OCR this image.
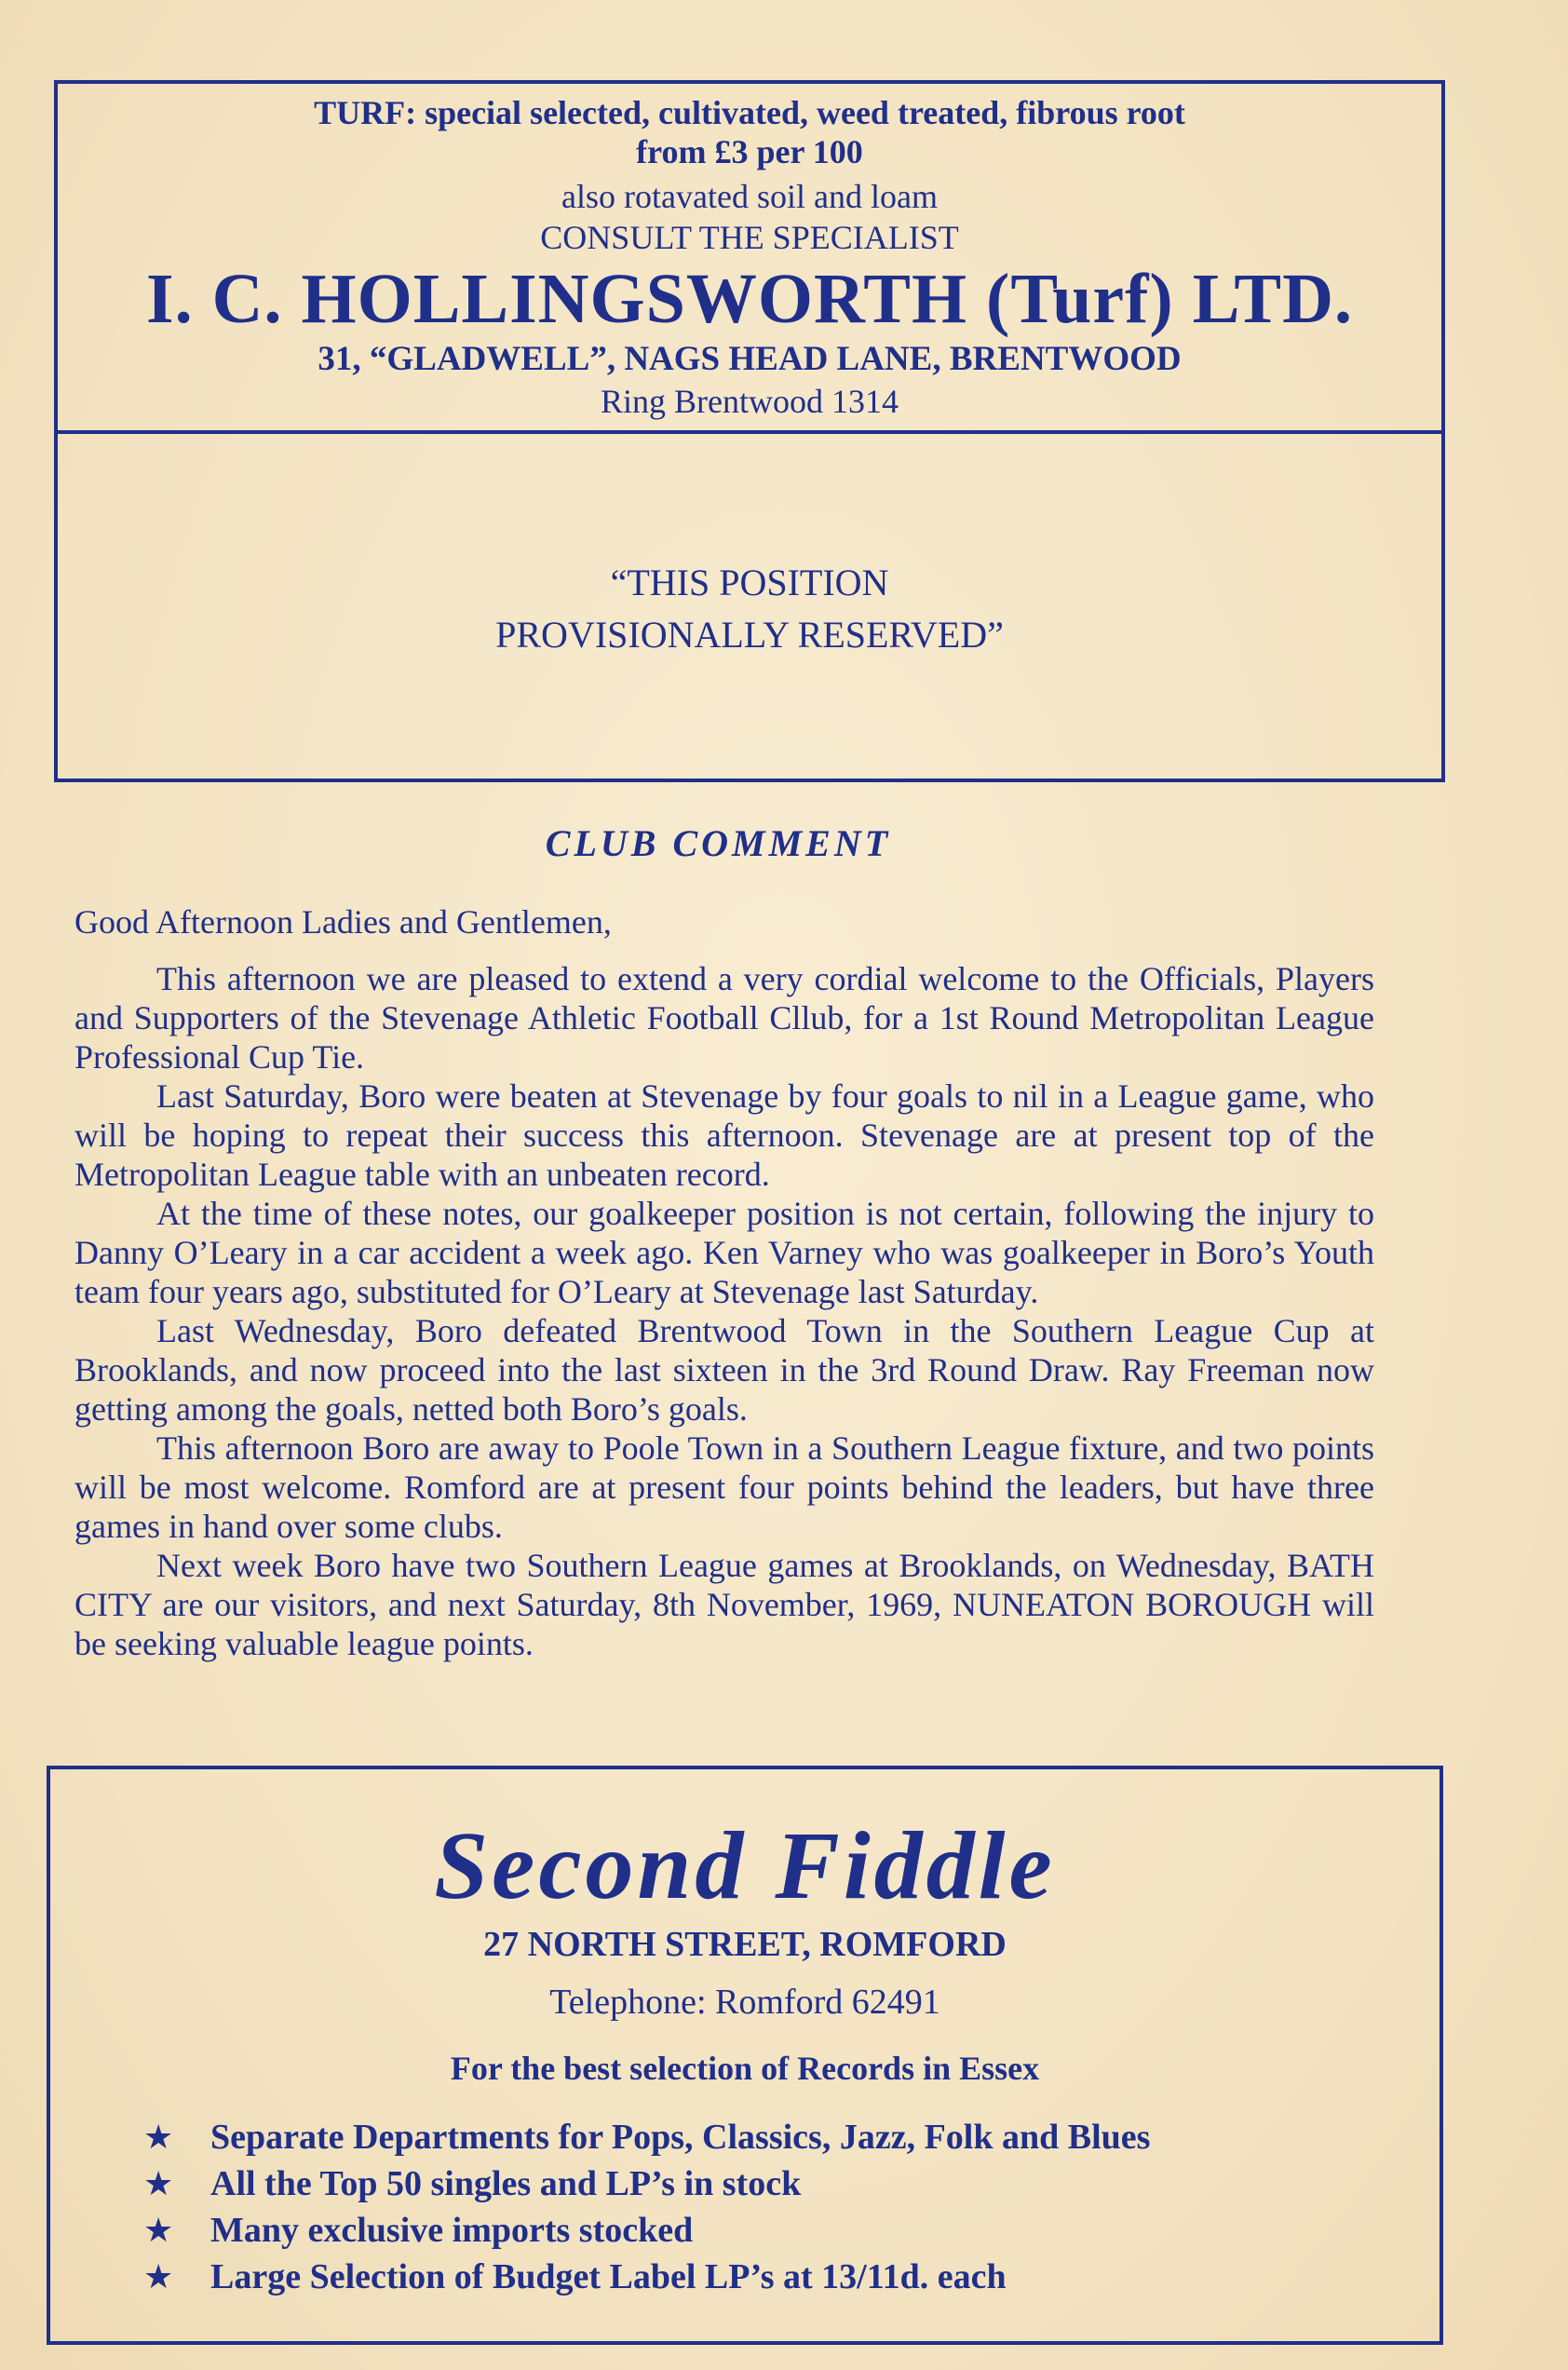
TURF: special selected, cultivated, weed treated, fibrous root
from £3 per 100
also rotavated soil and loam
CONSULT THE SPECIALIST
I. C. HOLLINGSWORTH (Turf) LTD.
31, “GLADWELL”, NAGS HEAD LANE, BRENTWOOD
Ring Brentwood 1314
“THIS POSITION
PROVISIONALLY RESERVED”
CLUB COMMENT
Good Afternoon Ladies and Gentlemen,

This afternoon we are pleased to extend a very cordial welcome to the Officials, Players and Supporters of the Stevenage Athletic Football Cllub, for a 1st Round Metropolitan League Professional Cup Tie.

Last Saturday, Boro were beaten at Stevenage by four goals to nil in a League game, who will be hoping to repeat their success this afternoon. Stevenage are at present top of the Metropolitan League table with an unbeaten record.

At the time of these notes, our goalkeeper position is not certain, following the injury to Danny O’Leary in a car accident a week ago. Ken Varney who was goalkeeper in Boro’s Youth team four years ago, substituted for O’Leary at Stevenage last Saturday.

Last Wednesday, Boro defeated Brentwood Town in the Southern League Cup at Brooklands, and now proceed into the last sixteen in the 3rd Round Draw. Ray Freeman now getting among the goals, netted both Boro’s goals.

This afternoon Boro are away to Poole Town in a Southern League fixture, and two points will be most welcome. Romford are at present four points behind the leaders, but have three games in hand over some clubs.

Next week Boro have two Southern League games at Brooklands, on Wednesday, BATH CITY are our visitors, and next Saturday, 8th November, 1969, NUNEATON BOROUGH will be seeking valuable league points.

Second Fiddle
27 NORTH STREET, ROMFORD
Telephone: Romford 62491
For the best selection of Records in Essex
★	Separate Departments for Pops, Classics, Jazz, Folk and Blues
★	All the Top 50 singles and LP’s in stock
★	Many exclusive imports stocked
★	Large Selection of Budget Label LP’s at 13/11d. each
